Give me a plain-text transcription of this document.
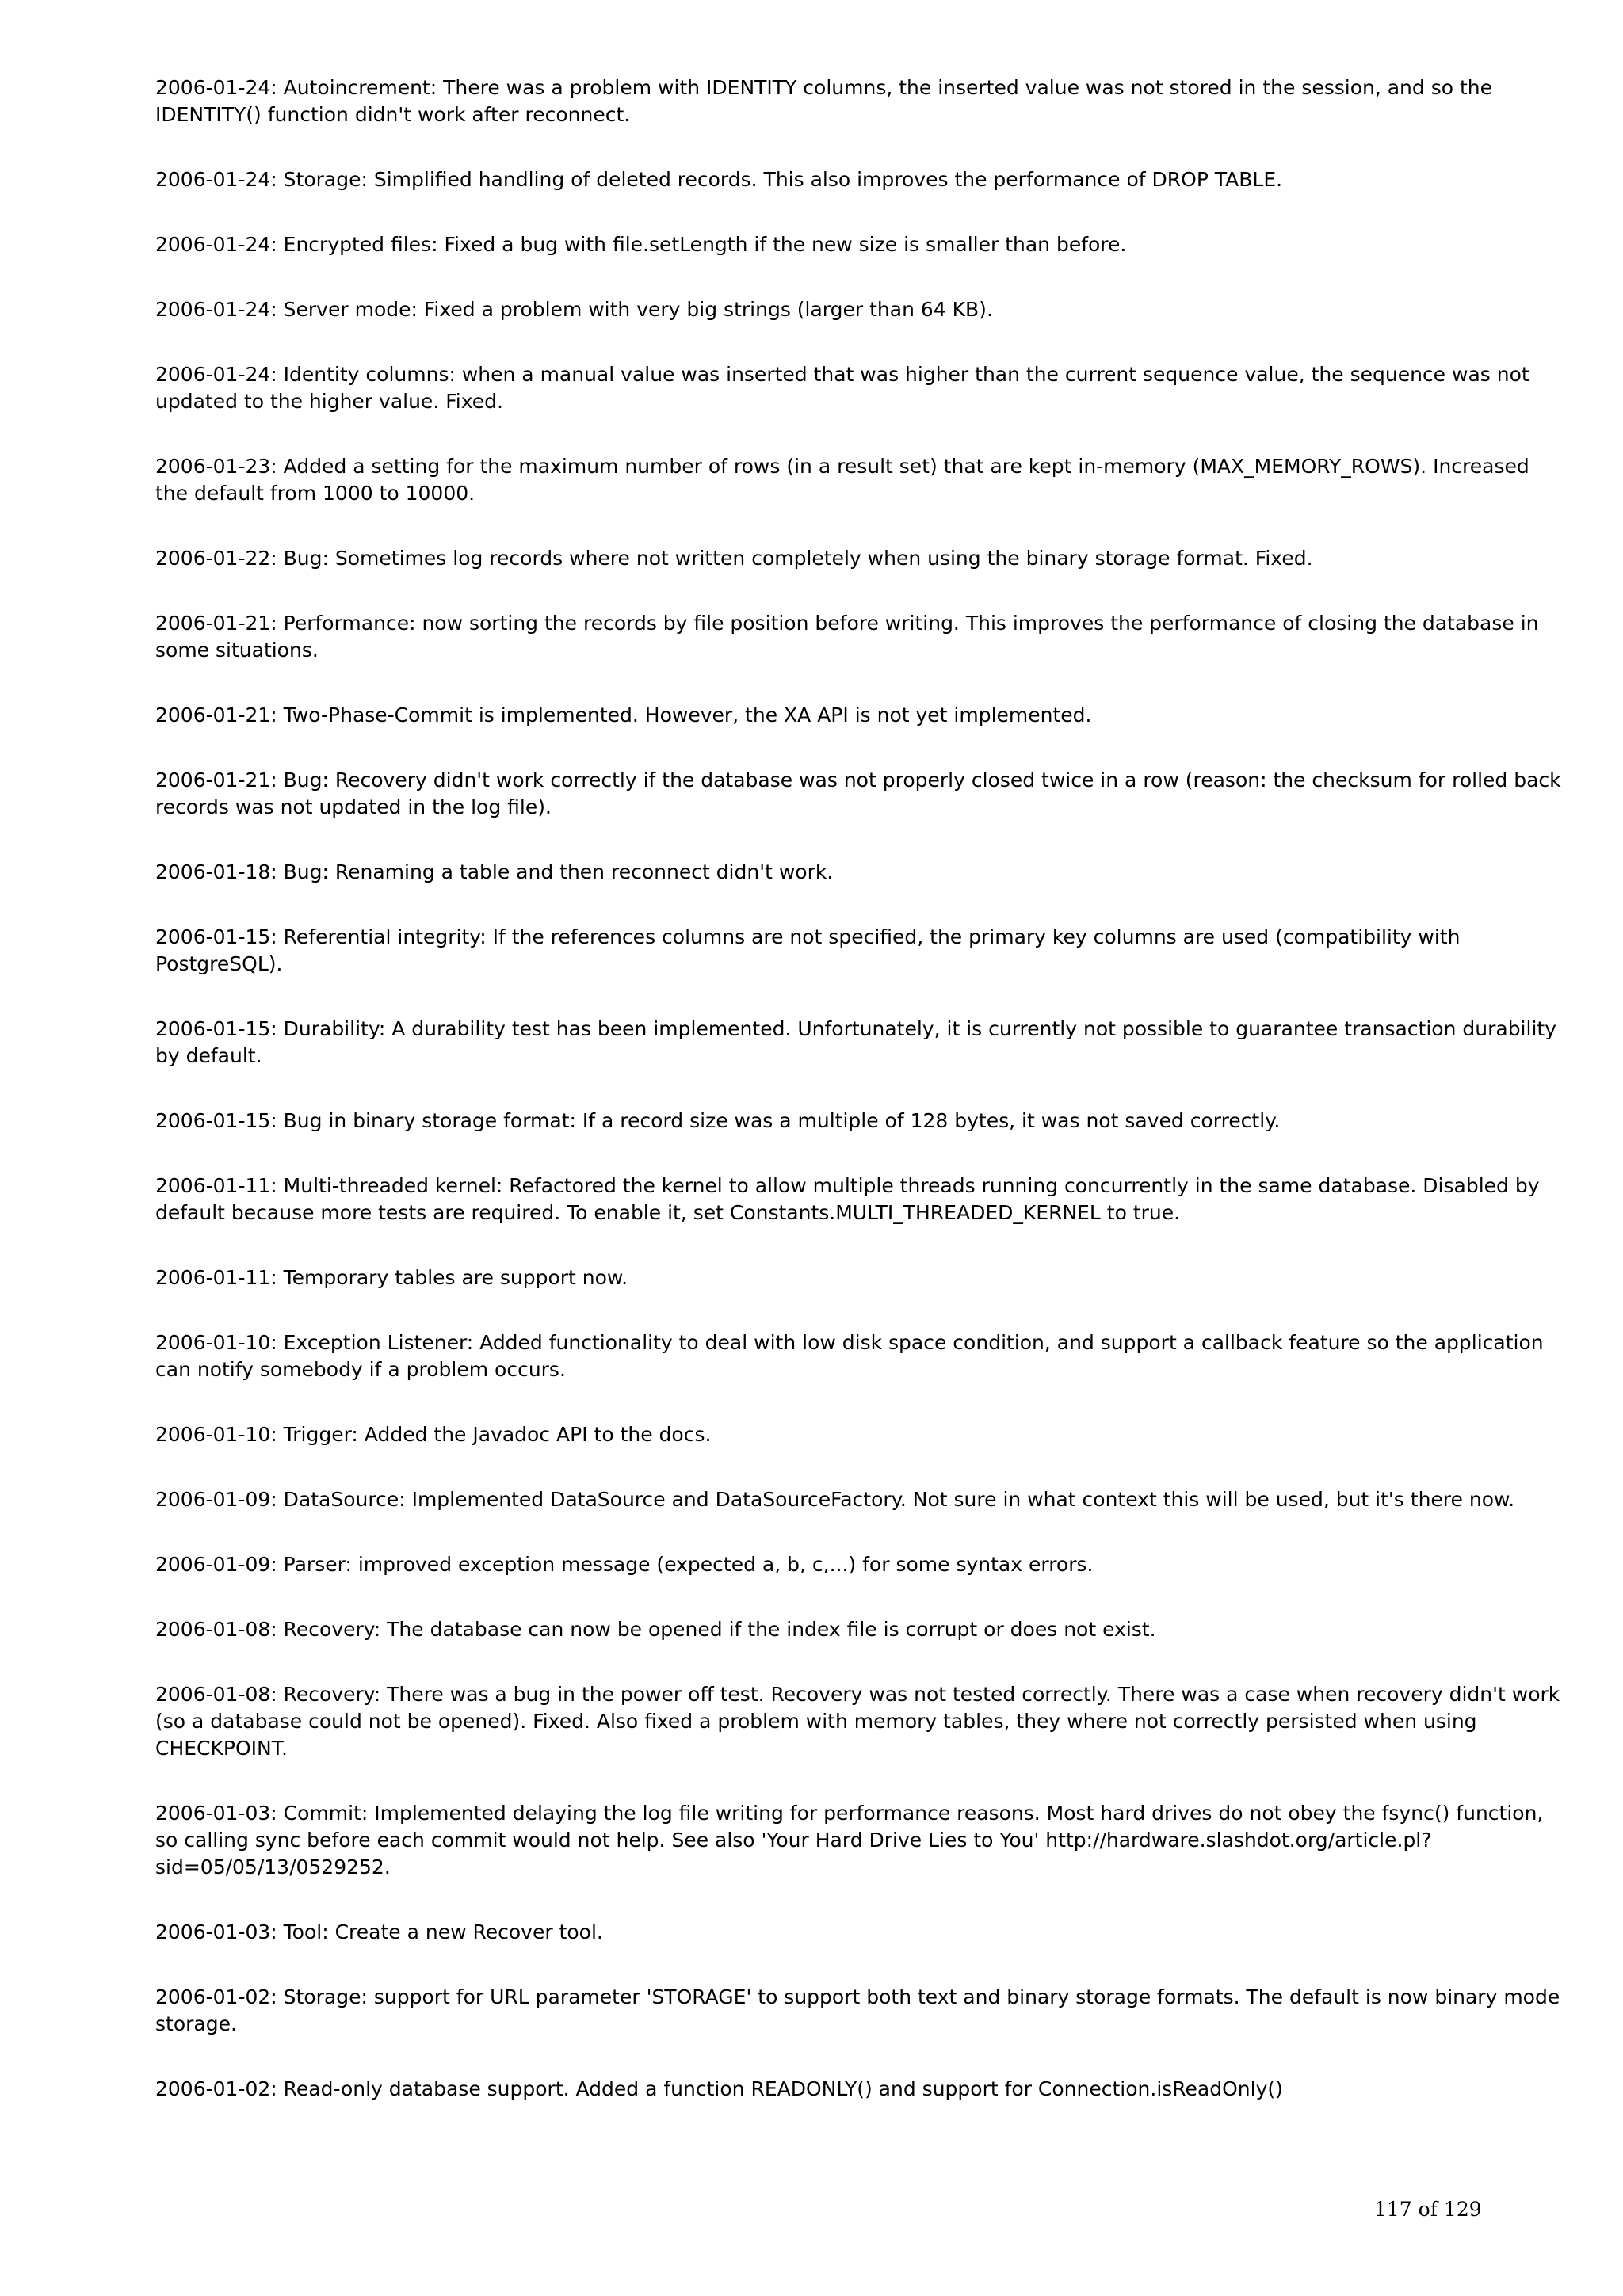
2006-01-24: Autoincrement: There was a problem with IDENTITY columns, the inserted value was not stored in the session, and so the IDENTITY() function didn't work after reconnect.
2006-01-24: Storage: Simplified handling of deleted records. This also improves the performance of DROP TABLE.
2006-01-24: Encrypted files: Fixed a bug with file.setLength if the new size is smaller than before.
2006-01-24: Server mode: Fixed a problem with very big strings (larger than 64 KB).
2006-01-24: Identity columns: when a manual value was inserted that was higher than the current sequence value, the sequence was not updated to the higher value. Fixed.
2006-01-23: Added a setting for the maximum number of rows (in a result set) that are kept in-memory (MAX_MEMORY_ROWS). Increased the default from 1000 to 10000.
2006-01-22: Bug: Sometimes log records where not written completely when using the binary storage format. Fixed.
2006-01-21: Performance: now sorting the records by file position before writing. This improves the performance of closing the database in some situations.
2006-01-21: Two-Phase-Commit is implemented. However, the XA API is not yet implemented.
2006-01-21: Bug: Recovery didn't work correctly if the database was not properly closed twice in a row (reason: the checksum for rolled back records was not updated in the log file).
2006-01-18: Bug: Renaming a table and then reconnect didn't work.
2006-01-15: Referential integrity: If the references columns are not specified, the primary key columns are used (compatibility with PostgreSQL).
2006-01-15: Durability: A durability test has been implemented. Unfortunately, it is currently not possible to guarantee transaction durability by default.
2006-01-15: Bug in binary storage format: If a record size was a multiple of 128 bytes, it was not saved correctly.
2006-01-11: Multi-threaded kernel: Refactored the kernel to allow multiple threads running concurrently in the same database. Disabled by default because more tests are required. To enable it, set Constants.MULTI_THREADED_KERNEL to true.
2006-01-11: Temporary tables are support now.
2006-01-10: Exception Listener: Added functionality to deal with low disk space condition, and support a callback feature so the application can notify somebody if a problem occurs.
2006-01-10: Trigger: Added the Javadoc API to the docs.
2006-01-09: DataSource: Implemented DataSource and DataSourceFactory. Not sure in what context this will be used, but it's there now.
2006-01-09: Parser: improved exception message (expected a, b, c,...) for some syntax errors.
2006-01-08: Recovery: The database can now be opened if the index file is corrupt or does not exist.
2006-01-08: Recovery: There was a bug in the power off test. Recovery was not tested correctly. There was a case when recovery didn't work (so a database could not be opened). Fixed. Also fixed a problem with memory tables, they where not correctly persisted when using CHECKPOINT.
2006-01-03: Commit: Implemented delaying the log file writing for performance reasons. Most hard drives do not obey the fsync() function, so calling sync before each commit would not help. See also 'Your Hard Drive Lies to You' http://hardware.slashdot.org/article.pl?sid=05/05/13/0529252.
2006-01-03: Tool: Create a new Recover tool.
2006-01-02: Storage: support for URL parameter 'STORAGE' to support both text and binary storage formats. The default is now binary mode storage.
2006-01-02: Read-only database support. Added a function READONLY() and support for Connection.isReadOnly()
117 of 129
